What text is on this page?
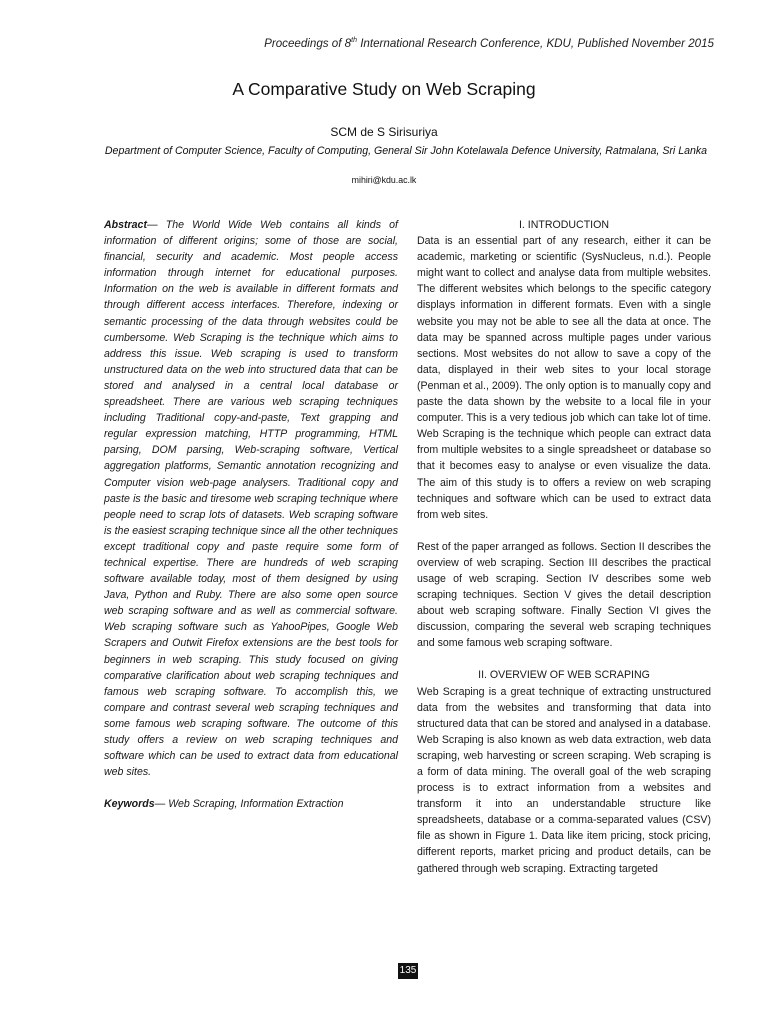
Proceedings of 8th International Research Conference, KDU, Published November 2015
A Comparative Study on Web Scraping
SCM de S Sirisuriya
Department of Computer Science, Faculty of Computing, General Sir John Kotelawala Defence University, Ratmalana, Sri Lanka
mihiri@kdu.ac.lk

Abstract— The World Wide Web contains all kinds of information of different origins; some of those are social, financial, security and academic. Most people access information through internet for educational purposes. Information on the web is available in different formats and through different access interfaces. Therefore, indexing or semantic processing of the data through websites could be cumbersome. Web Scraping is the technique which aims to address this issue. Web scraping is used to transform unstructured data on the web into structured data that can be stored and analysed in a central local database or spreadsheet. There are various web scraping techniques including Traditional copy-and-paste, Text grapping and regular expression matching, HTTP programming, HTML parsing, DOM parsing, Web-scraping software, Vertical aggregation platforms, Semantic annotation recognizing and Computer vision web-page analysers. Traditional copy and paste is the basic and tiresome web scraping technique where people need to scrap lots of datasets. Web scraping software is the easiest scraping technique since all the other techniques except traditional copy and paste require some form of technical expertise. There are hundreds of web scraping software available today, most of them designed by using Java, Python and Ruby. There are also some open source web scraping software and as well as commercial software. Web scraping software such as YahooPipes, Google Web Scrapers and Outwit Firefox extensions are the best tools for beginners in web scraping. This study focused on giving comparative clarification about web scraping techniques and famous web scraping software. To accomplish this, we compare and contrast several web scraping techniques and some famous web scraping software. The outcome of this study offers a review on web scraping techniques and software which can be used to extract data from educational web sites.

Keywords— Web Scraping, Information Extraction

I. INTRODUCTION

Data is an essential part of any research, either it can be academic, marketing or scientific (SysNucleus, n.d.). People might want to collect and analyse data from multiple websites. The different websites which belongs to the specific category displays information in different formats. Even with a single website you may not be able to see all the data at once. The data may be spanned across multiple pages under various sections. Most websites do not allow to save a copy of the data, displayed in their web sites to your local storage (Penman et al., 2009). The only option is to manually copy and paste the data shown by the website to a local file in your computer. This is a very tedious job which can take lot of time. Web Scraping is the technique which people can extract data from multiple websites to a single spreadsheet or database so that it becomes easy to analyse or even visualize the data. The aim of this study is to offers a review on web scraping techniques and software which can be used to extract data from web sites.

Rest of the paper arranged as follows. Section II describes the overview of web scraping. Section III describes the practical usage of web scraping. Section IV describes some web scraping techniques. Section V gives the detail description about web scraping software. Finally Section VI gives the discussion, comparing the several web scraping techniques and some famous web scraping software.

II. OVERVIEW OF WEB SCRAPING

Web Scraping is a great technique of extracting unstructured data from the websites and transforming that data into structured data that can be stored and analysed in a database. Web Scraping is also known as web data extraction, web data scraping, web harvesting or screen scraping. Web scraping is a form of data mining. The overall goal of the web scraping process is to extract information from a websites and transform it into an understandable structure like spreadsheets, database or a comma-separated values (CSV) file as shown in Figure 1. Data like item pricing, stock pricing, different reports, market pricing and product details, can be gathered through web scraping. Extracting targeted

135
